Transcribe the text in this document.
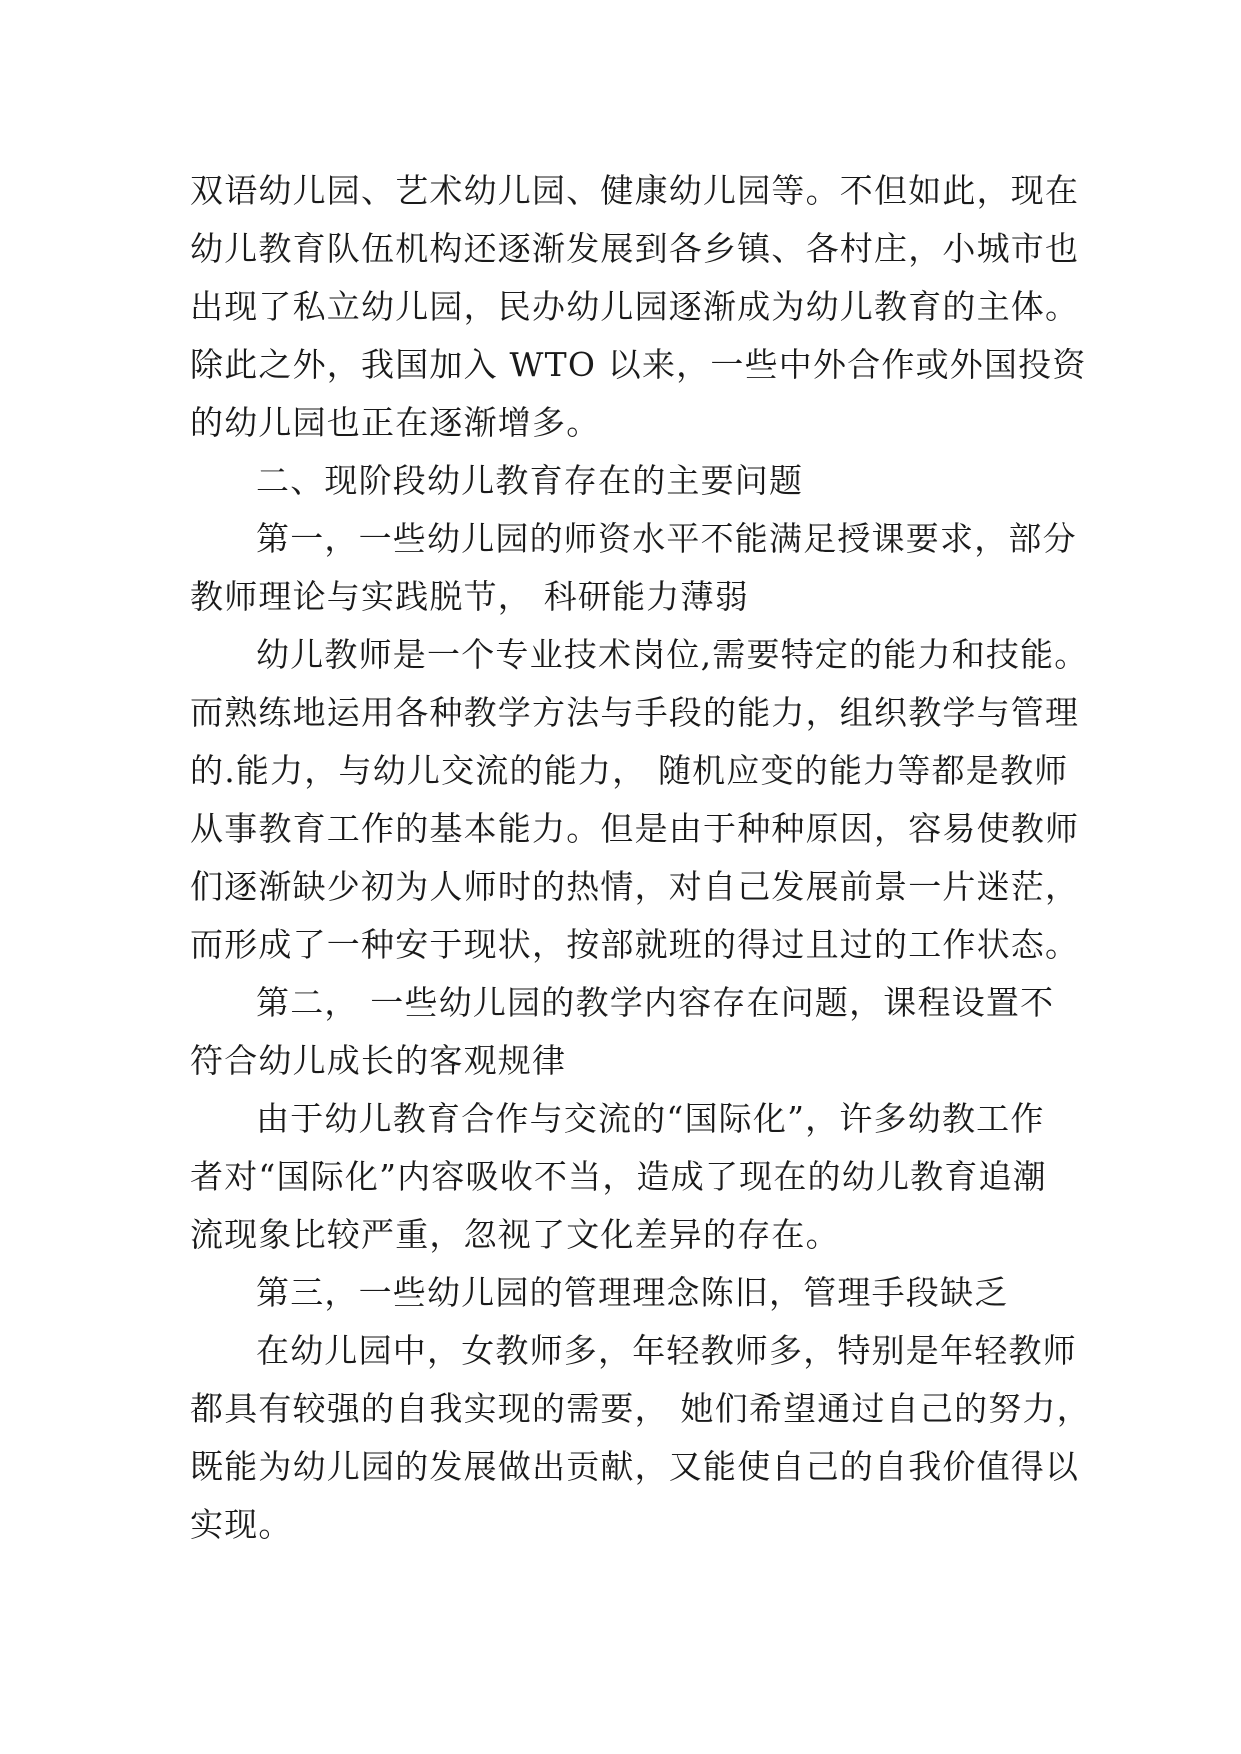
双语幼儿园、艺术幼儿园、健康幼儿园等。不但如此，现在
幼儿教育队伍机构还逐渐发展到各乡镇、各村庄，小城市也
出现了私立幼儿园，民办幼儿园逐渐成为幼儿教育的主体。
除此之外，我国加入 WTO 以来，一些中外合作或外国投资
的幼儿园也正在逐渐增多。
二、现阶段幼儿教育存在的主要问题
第一，一些幼儿园的师资水平不能满足授课要求，部分
教师理论与实践脱节， 科研能力薄弱
幼儿教师是一个专业技术岗位,需要特定的能力和技能。
而熟练地运用各种教学方法与手段的能力，组织教学与管理
的.能力，与幼儿交流的能力， 随机应变的能力等都是教师
从事教育工作的基本能力。但是由于种种原因，容易使教师
们逐渐缺少初为人师时的热情，对自己发展前景一片迷茫，
而形成了一种安于现状，按部就班的得过且过的工作状态。
第二， 一些幼儿园的教学内容存在问题，课程设置不
符合幼儿成长的客观规律
由于幼儿教育合作与交流的“国际化”，许多幼教工作
者对“国际化”内容吸收不当，造成了现在的幼儿教育追潮
流现象比较严重，忽视了文化差异的存在。
第三，一些幼儿园的管理理念陈旧，管理手段缺乏
在幼儿园中，女教师多，年轻教师多，特别是年轻教师
都具有较强的自我实现的需要， 她们希望通过自己的努力，
既能为幼儿园的发展做出贡献，又能使自己的自我价值得以
实现。
